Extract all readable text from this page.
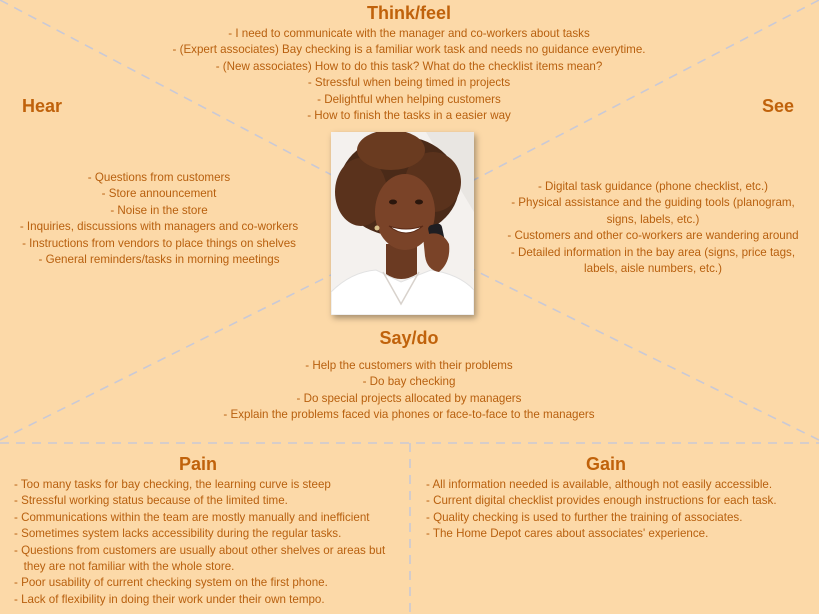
Think/feel
- I need to communicate with the manager and co-workers about tasks
- (Expert associates) Bay checking is a familiar work task and needs no guidance everytime.
- (New associates) How to do this task? What do the checklist items mean?
- Stressful when being timed in projects
- Delightful when helping customers
- How to finish the tasks in a easier way
Hear
- Questions from customers
- Store announcement
- Noise in the store
- Inquiries, discussions with managers and co-workers
- Instructions from vendors to place things on shelves
- General reminders/tasks in morning meetings
See
- Digital task guidance (phone checklist, etc.)
- Physical assistance and the guiding tools (planogram,
signs, labels, etc.)
- Customers and other co-workers are wandering around
- Detailed information in the bay area (signs, price tags,
labels, aisle numbers, etc.)
Say/do
- Help the customers with their problems
- Do bay checking
- Do special projects allocated by managers
- Explain the problems faced via phones or face-to-face to the managers
Pain
- Too many tasks for bay checking, the learning curve is steep
- Stressful working status because of the limited time.
- Communications within the team are mostly manually and inefficient
- Sometimes system lacks accessibility during the regular tasks.
- Questions from customers are usually about other shelves or areas but
they are not familiar with the whole store.
- Poor usability of current checking system on the first phone.
- Lack of flexibility in doing their work under their own tempo.
Gain
- All information needed is available, although not easily accessible.
- Current digital checklist provides enough instructions for each task.
- Quality checking is used to further the training of associates.
- The Home Depot cares about associates' experience.
